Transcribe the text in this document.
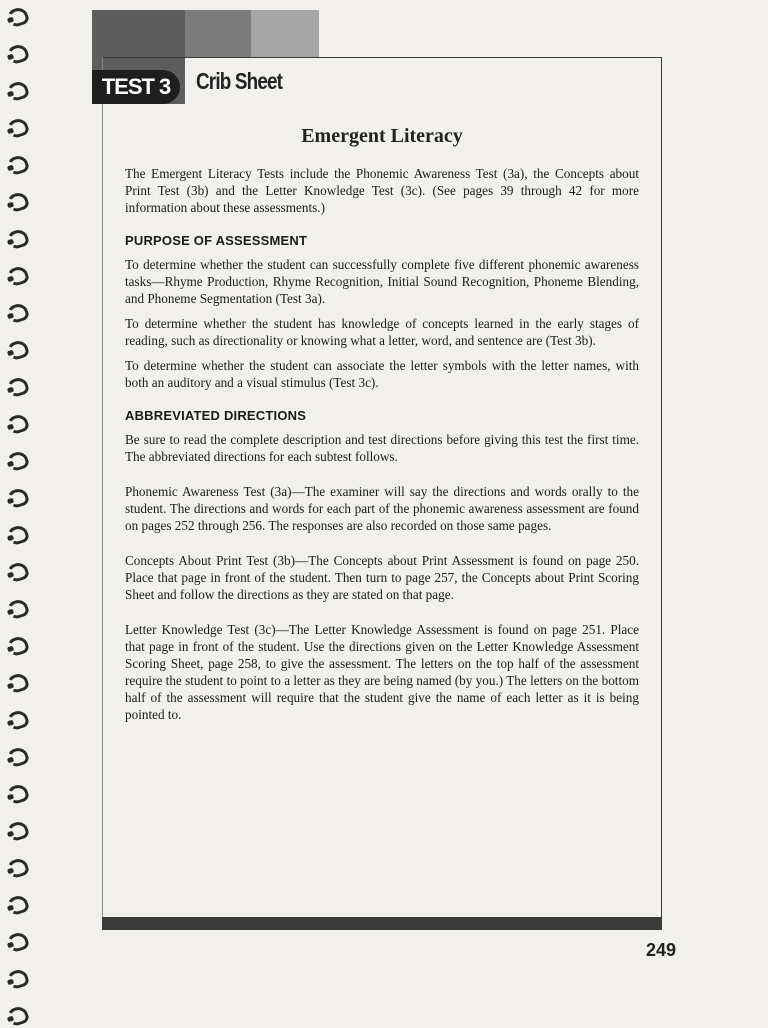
TEST 3	Crib Sheet
Emergent Literacy

The Emergent Literacy Tests include the Phonemic Awareness Test (3a), the Concepts about Print Test (3b) and the Letter Knowledge Test (3c). (See pages 39 through 42 for more information about these assessments.)

PURPOSE OF ASSESSMENT

To determine whether the student can successfully complete five different phonemic awareness tasks—Rhyme Production, Rhyme Recognition, Initial Sound Recognition, Phoneme Blending, and Phoneme Segmentation (Test 3a).

To determine whether the student has knowledge of concepts learned in the early stages of reading, such as directionality or knowing what a letter, word, and sentence are (Test 3b).

To determine whether the student can associate the letter symbols with the letter names, with both an auditory and a visual stimulus (Test 3c).

ABBREVIATED DIRECTIONS

Be sure to read the complete description and test directions before giving this test the first time. The abbreviated directions for each subtest follows.

Phonemic Awareness Test (3a)—The examiner will say the directions and words orally to the student. The directions and words for each part of the phonemic awareness assessment are found on pages 252 through 256. The responses are also recorded on those same pages.

Concepts About Print Test (3b)—The Concepts about Print Assessment is found on page 250. Place that page in front of the student. Then turn to page 257, the Concepts about Print Scoring Sheet and follow the directions as they are stated on that page.

Letter Knowledge Test (3c)—The Letter Knowledge Assessment is found on page 251. Place that page in front of the student. Use the directions given on the Letter Knowledge Assessment Scoring Sheet, page 258, to give the assessment. The letters on the top half of the assessment require the student to point to a letter as they are being named (by you.) The letters on the bottom half of the assessment will require that the student give the name of each letter as it is being pointed to.

249
